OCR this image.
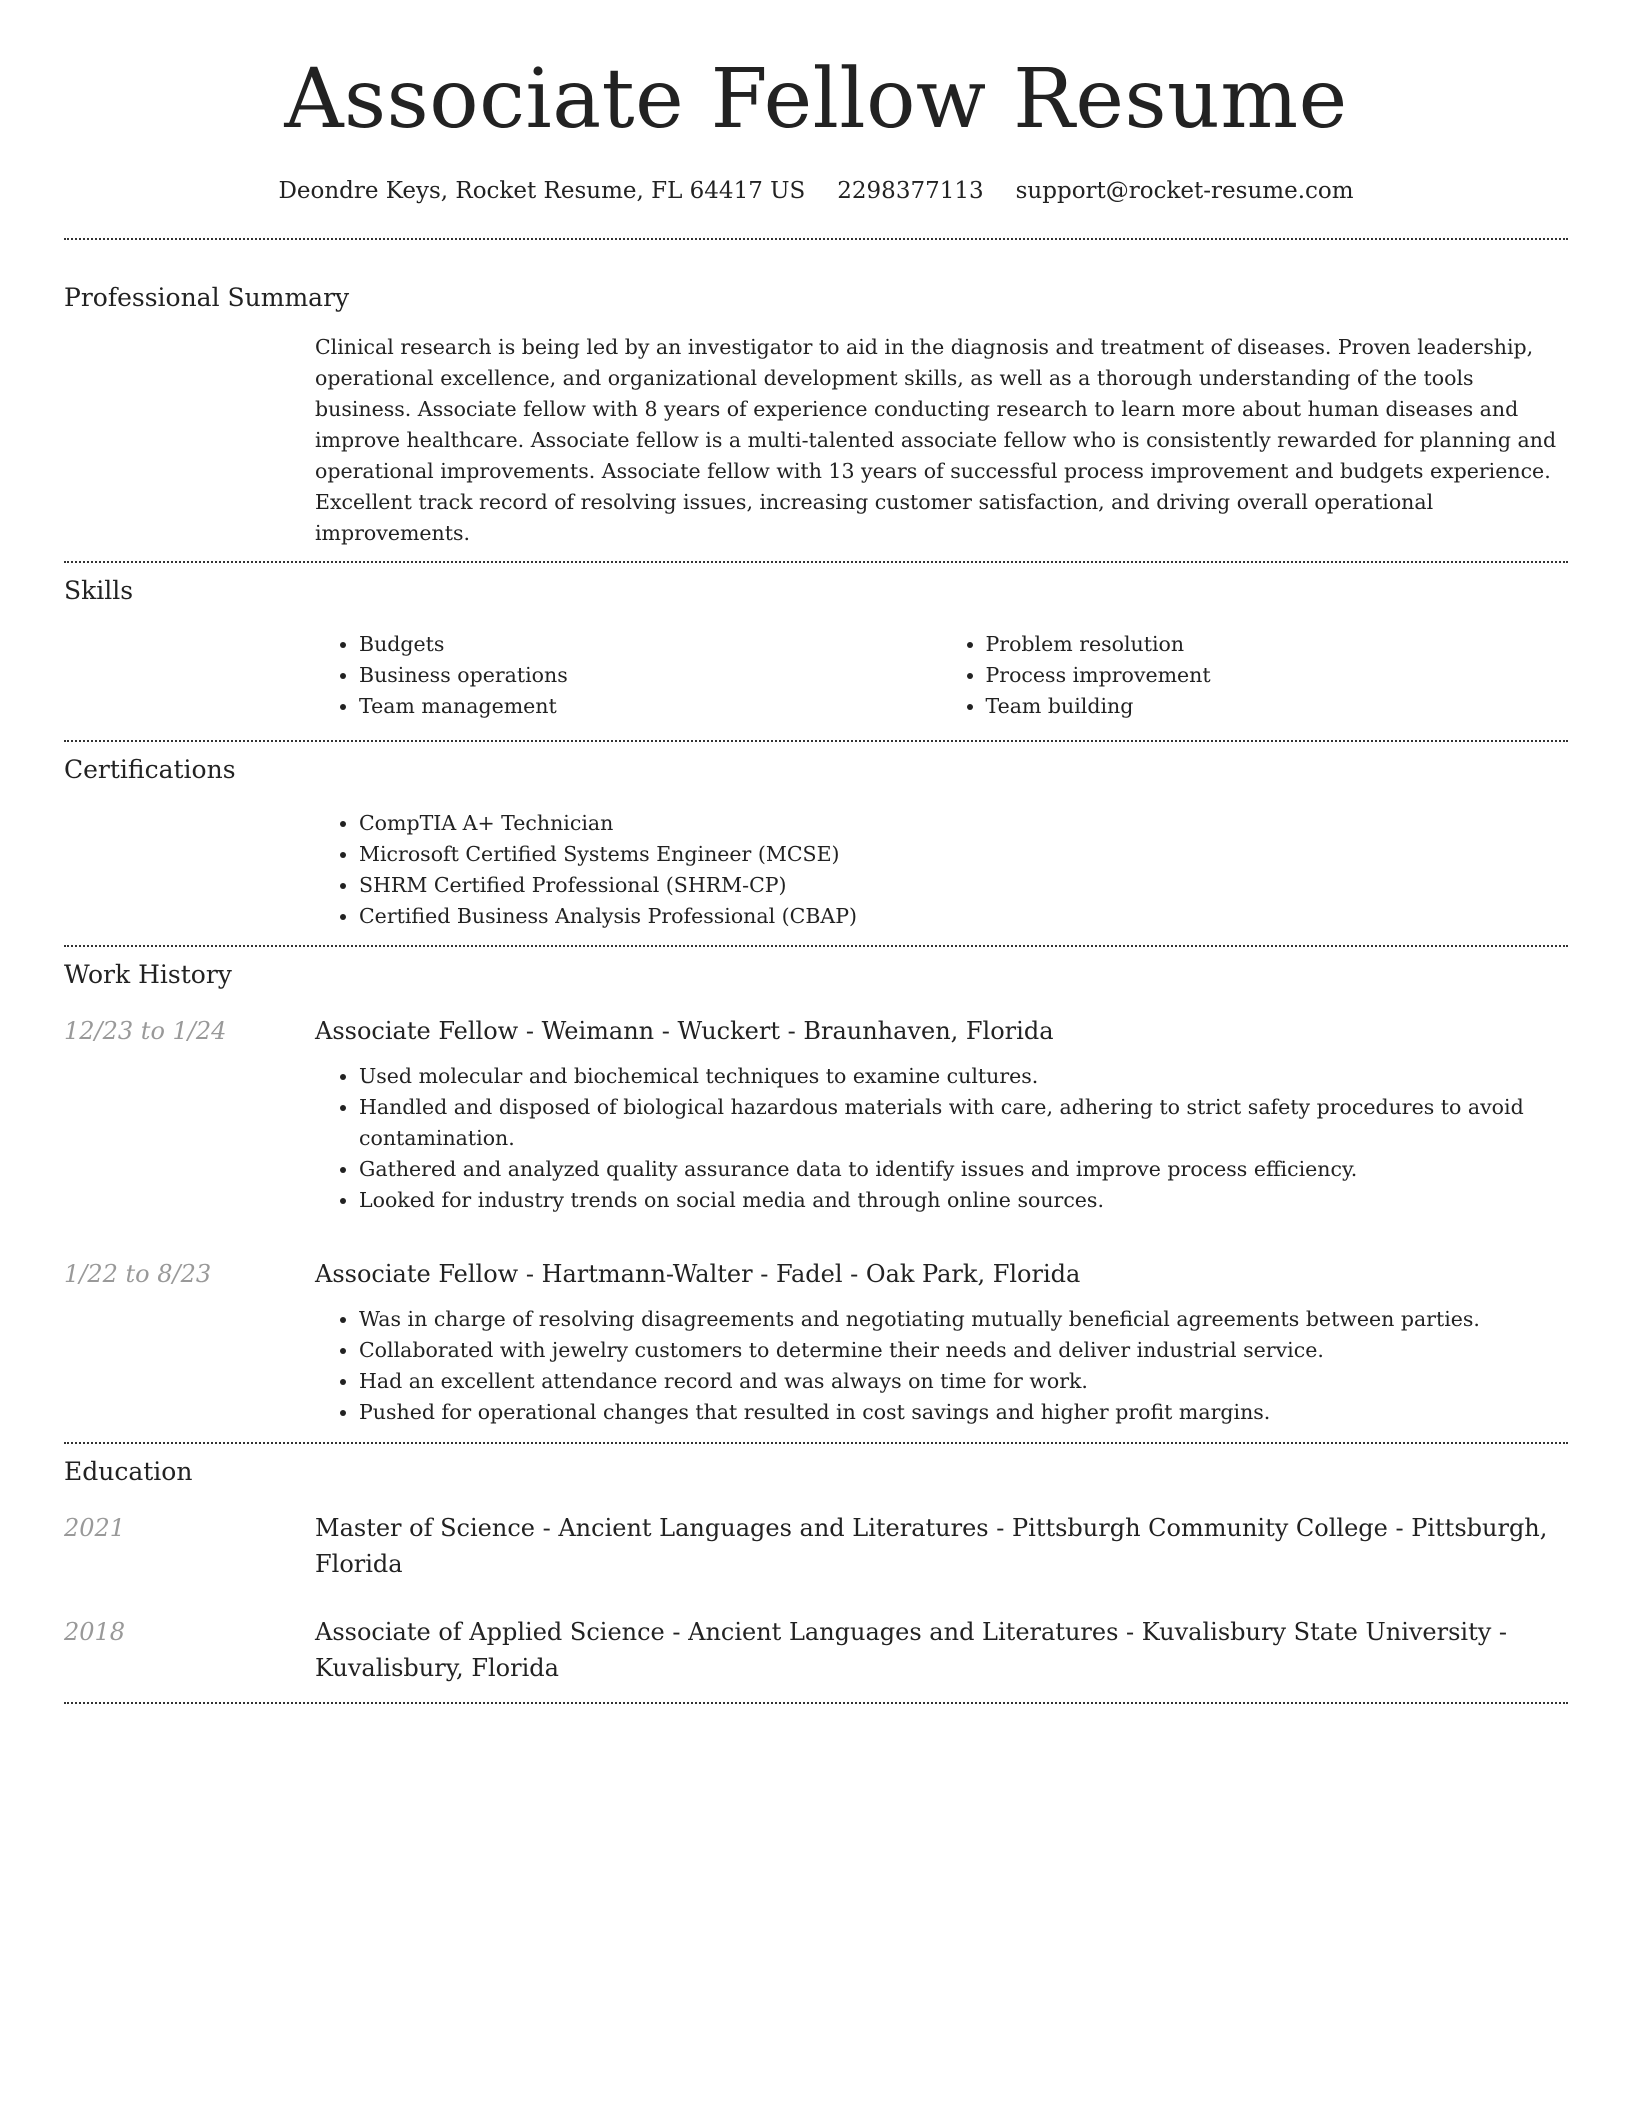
Associate Fellow Resume
Deondre Keys, Rocket Resume, FL 64417 US 2298377113 support@rocket-resume.com
Professional Summary

Clinical research is being led by an investigator to aid in the diagnosis and treatment of diseases. Proven leadership, operational excellence, and organizational development skills, as well as a thorough understanding of the tools business. Associate fellow with 8 years of experience conducting research to learn more about human diseases and improve healthcare. Associate fellow is a multi-talented associate fellow who is consistently rewarded for planning and operational improvements. Associate fellow with 13 years of successful process improvement and budgets experience. Excellent track record of resolving issues, increasing customer satisfaction, and driving overall operational improvements.

Skills
• Budgets
• Business operations
• Team management
• Problem resolution
• Process improvement
• Team building
Certifications
• CompTIA A+ Technician
• Microsoft Certified Systems Engineer (MCSE)
• SHRM Certified Professional (SHRM-CP)
• Certified Business Analysis Professional (CBAP)
Work History
12/23 to 1/24	Associate Fellow - Weimann - Wuckert - Braunhaven, Florida
• Used molecular and biochemical techniques to examine cultures.
• Handled and disposed of biological hazardous materials with care, adhering to strict safety procedures to avoid contamination.
• Gathered and analyzed quality assurance data to identify issues and improve process efficiency.
• Looked for industry trends on social media and through online sources.
1/22 to 8/23	Associate Fellow - Hartmann-Walter - Fadel - Oak Park, Florida
• Was in charge of resolving disagreements and negotiating mutually beneficial agreements between parties.
• Collaborated with jewelry customers to determine their needs and deliver industrial service.
• Had an excellent attendance record and was always on time for work.
• Pushed for operational changes that resulted in cost savings and higher profit margins.
Education
2021	Master of Science - Ancient Languages and Literatures - Pittsburgh Community College - Pittsburgh, Florida
2018	Associate of Applied Science - Ancient Languages and Literatures - Kuvalisbury State University - Kuvalisbury, Florida
